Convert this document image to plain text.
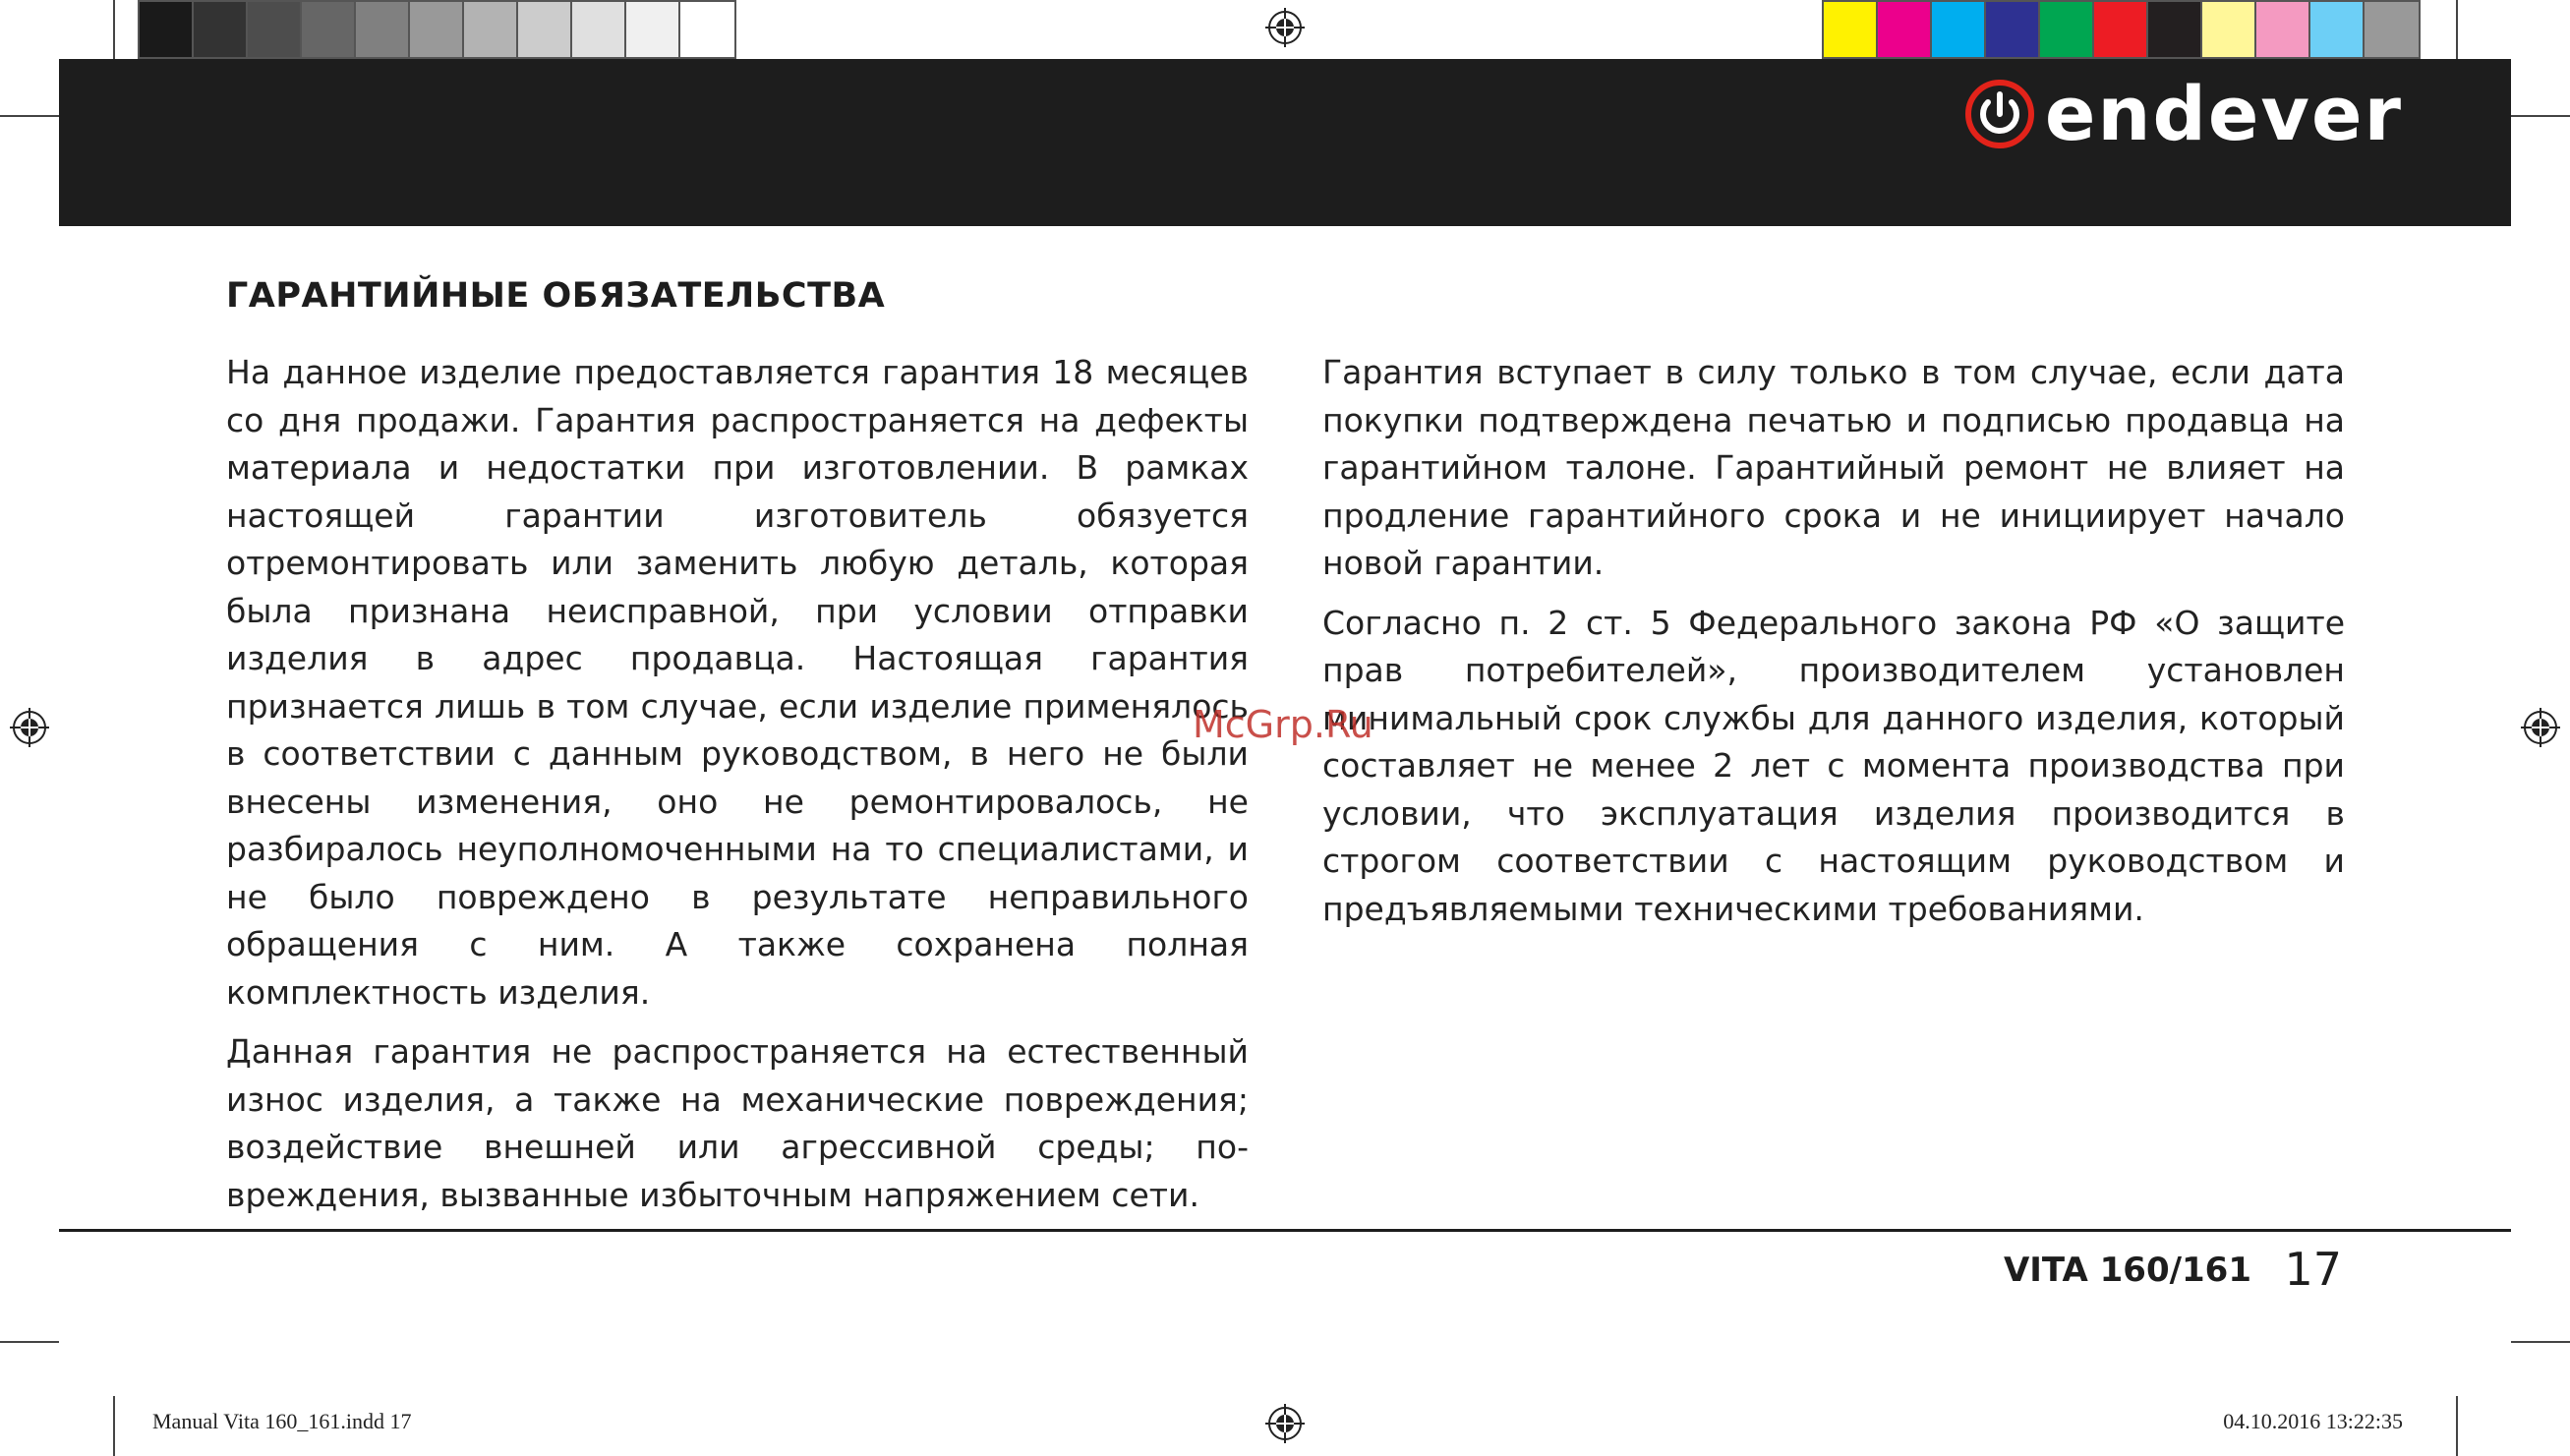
endever
ГАРАНТИЙНЫЕ ОБЯЗАТЕЛЬСТВА

На данное изделие предоставляется гарантия 18 месяцев со дня продажи. Гарантия распространяется на дефекты материала и недостатки при изготовлении. В рамках настоящей гарантии изготовитель обязуется отремонтировать или заменить любую деталь, которая была признана неисправной, при условии отправки изделия в адрес продавца. Настоящая гарантия признается лишь в том случае, если изделие применялось в соответствии с данным руководством, в него не были внесены изменения, оно не ремонтировалось, не разбиралось неуполномоченными на то специалистами, и не было повреждено в результате неправильного обращения с ним. А также сохранена полная комплектность изделия.

Данная гарантия не распространяется на естественный износ изделия, а также на механические повреждения; воздействие внешней или агрессивной среды; повреждения, вызванные избыточным напряжением сети.

Гарантия вступает в силу только в том случае, если дата покупки подтверждена печатью и подписью продавца на гарантийном талоне. Гарантийный ремонт не влияет на продление гарантийного срока и не инициирует начало новой гарантии.

Согласно п. 2 ст. 5 Федерального закона РФ «О защите прав потребителей», производителем установлен минимальный срок службы для данного изделия, который составляет не менее 2 лет с момента производства при условии, что эксплуатация изделия производится в строгом соответствии с настоящим руководством и предъявляемыми техническими требованиями.

McGrp.Ru
VITA 160/161 17
Manual Vita 160_161.indd 17	04.10.2016 13:22:35
